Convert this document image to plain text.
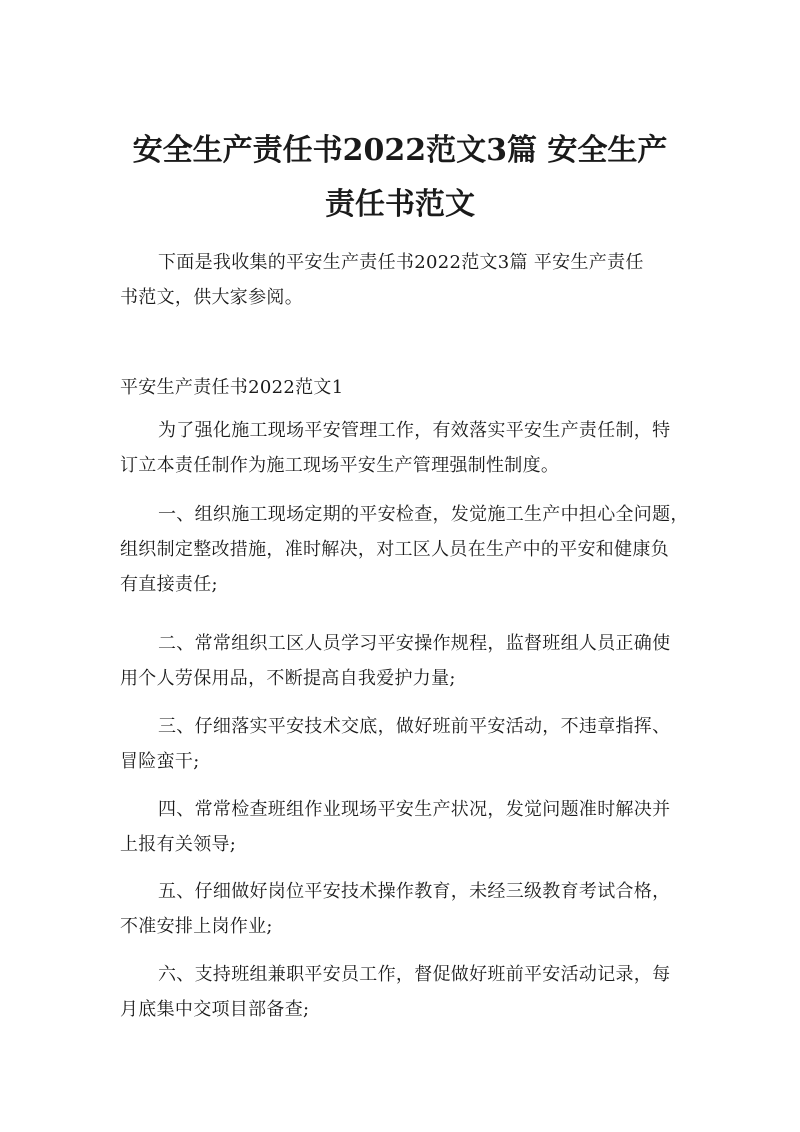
安全生产责任书2022范文3篇 安全生产
责任书范文

下面是我收集的平安生产责任书2022范文3篇 平安生产责任
书范文，供大家参阅。

平安生产责任书2022范文1

为了强化施工现场平安管理工作，有效落实平安生产责任制，特
订立本责任制作为施工现场平安生产管理强制性制度。

一、组织施工现场定期的平安检查，发觉施工生产中担心全问题，
组织制定整改措施，准时解决，对工区人员在生产中的平安和健康负
有直接责任;

二、常常组织工区人员学习平安操作规程，监督班组人员正确使
用个人劳保用品，不断提高自我爱护力量;

三、仔细落实平安技术交底，做好班前平安活动，不违章指挥、
冒险蛮干;

四、常常检查班组作业现场平安生产状况，发觉问题准时解决并
上报有关领导;

五、仔细做好岗位平安技术操作教育，未经三级教育考试合格，
不准安排上岗作业;

六、支持班组兼职平安员工作，督促做好班前平安活动记录，每
月底集中交项目部备查;
